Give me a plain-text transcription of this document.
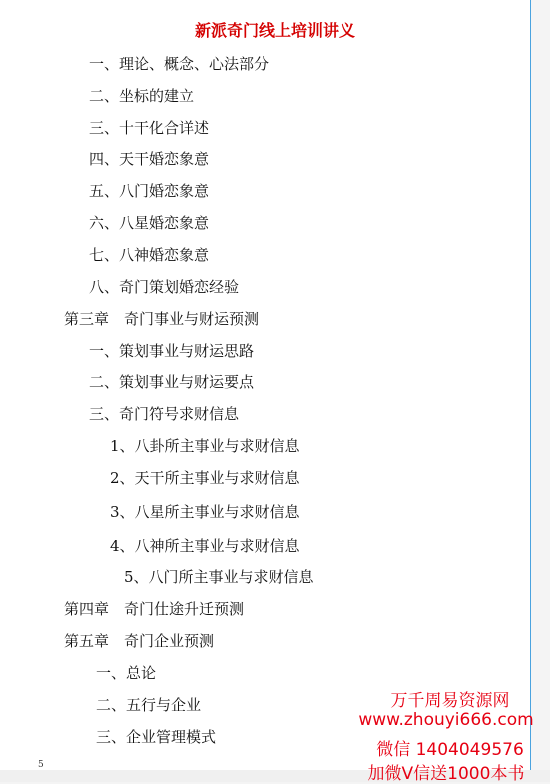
新派奇门线上培训讲义
一、理论、概念、心法部分
二、坐标的建立
三、十干化合详述
四、天干婚恋象意
五、八门婚恋象意
六、八星婚恋象意
七、八神婚恋象意
八、奇门策划婚恋经验
第三章　奇门事业与财运预测
一、策划事业与财运思路
二、策划事业与财运要点
三、奇门符号求财信息
1、八卦所主事业与求财信息
2、天干所主事业与求财信息
3、八星所主事业与求财信息
4、八神所主事业与求财信息
5、八门所主事业与求财信息
第四章　奇门仕途升迁预测
第五章　奇门企业预测
一、总论
二、五行与企业
三、企业管理模式
5
万千周易资源网
www.zhouyi666.com
微信 1404049576
加微V信送1000本书
